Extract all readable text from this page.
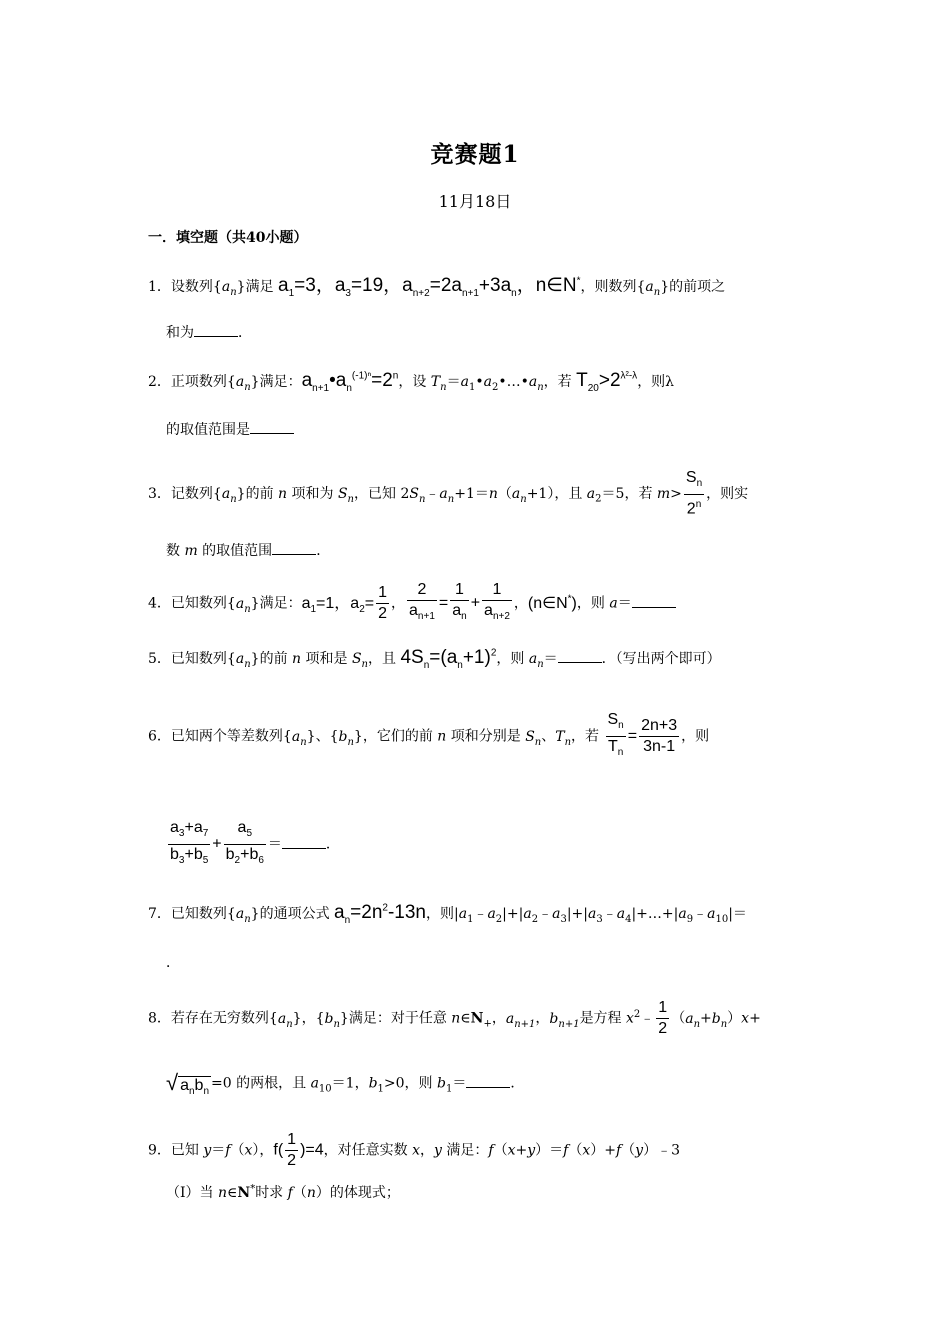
竞赛题1
11月18日
一．填空题（共40小题）
1．设数列$\{a_n\}$满足 $a_1=3$，$a_3=19$，$a_{n+2}=2a_{n+1}+3a_n$，n∈N*，则数列$\{a_n\}$的前项之
和为	．
2．正项数列$\{a_n\}$满足：$a_{n+1}•a_n^{(-1)^n}=2^n$，设 $T_n=a_1•a_2•\dots•a_n$，若 $T_{20}>2^{\lambda^2-\lambda}$，则λ
的取值范围是
3．记数列$\{a_n\}$的前 n 项和为 $S_n$，已知 $2S_n﹣a_n+1=n(a_n+1)$，且 $a_2=5$，若 $m> \frac{S_n}{2^n}$ ，则实
数 m 的取值范围	．
4．已知数列$\{a_n\}$满足：$a_1=1$，$a_2= \frac{1}{2}$ ， $\frac{2}{a_{n+1}} = \frac{1}{a_n} + \frac{1}{a_{n+2}}$ ，(n∈N*)，则 a＝
5．已知数列$\{a_n\}$的前 n 项和是 $S_n$，且 $4S_n=(a_n+1)^2$，则 $a_n=$	．（写出两个即可）
6．已知两个等差数列$\{a_n\}$、$\{b_n\}$，它们的前 n 项和分别是 $S_n$、$T_n$，若 $\frac{S_n}{T_n} = \frac{2n+3}{3n-1}$ ，则
$\frac{a_3+a_7}{b_3+b_5} + \frac{a_5}{b_2+b_6}$ ＝	．
7．已知数列$\{a_n\}$的通项公式 $a_n=2n^2-13n$，则$|a_1﹣a_2|+|a_2﹣a_3|+|a_3﹣a_4|+\dots+|a_9﹣a_{10}|=$
．
8．若存在无穷数列$\{a_n\}$，$\{b_n\}$满足：对于任意 $n\in N_+$，$a_{n+1}$，$b_{n+1}$是方程 $x^2﹣ \frac{1}{2} (a_n+b_n)x+$
√ $a_nb_n=0$ 的两根，且 $a_{10}=1$，$b_1>0$，则 $b_1=$	．
9．已知 y＝f（x），$f( \frac{1}{2} )=4$，对任意实数 x，y 满足：f（x+y）＝f（x）+f（y）﹣3
（Ⅰ）当 n∈N*时求 f（n）的体现式；
